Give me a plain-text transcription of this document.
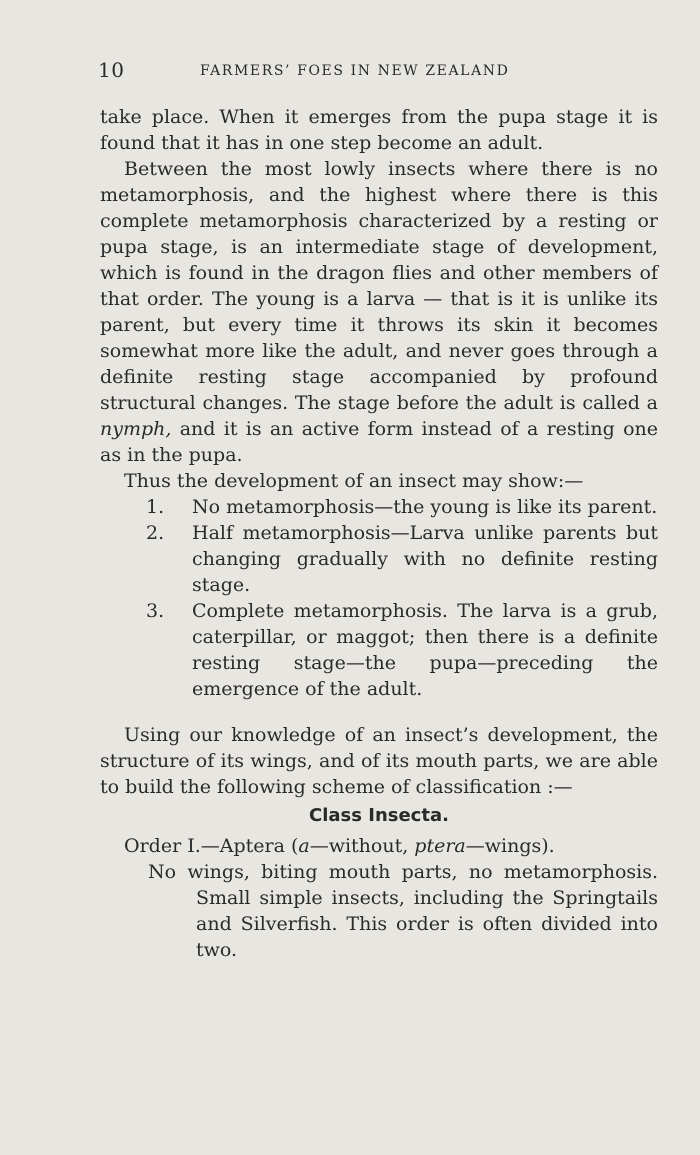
10	FARMERS’ FOES IN NEW ZEALAND

take place. When it emerges from the pupa stage it is found that it has in one step become an adult.

Between the most lowly insects where there is no metamorphosis, and the highest where there is this complete metamorphosis characterized by a resting or pupa stage, is an intermediate stage of development, which is found in the dragon flies and other members of that order. The young is a larva — that is it is unlike its parent, but every time it throws its skin it becomes somewhat more like the adult, and never goes through a definite resting stage accompanied by profound structural changes. The stage before the adult is called a nymph, and it is an active form instead of a resting one as in the pupa.

Thus the development of an insect may show:—

1. No metamorphosis—the young is like its parent.
2. Half metamorphosis—Larva unlike parents but changing gradually with no definite resting stage.
3. Complete metamorphosis. The larva is a grub, caterpillar, or maggot; then there is a definite resting stage—the pupa—preceding the emergence of the adult.

Using our knowledge of an insect’s development, the structure of its wings, and of its mouth parts, we are able to build the following scheme of classification :—

Class Insecta.

Order I.—Aptera (a—without, ptera—wings).

No wings, biting mouth parts, no metamorphosis. Small simple insects, including the Springtails and Silverfish. This order is often divided into two.
